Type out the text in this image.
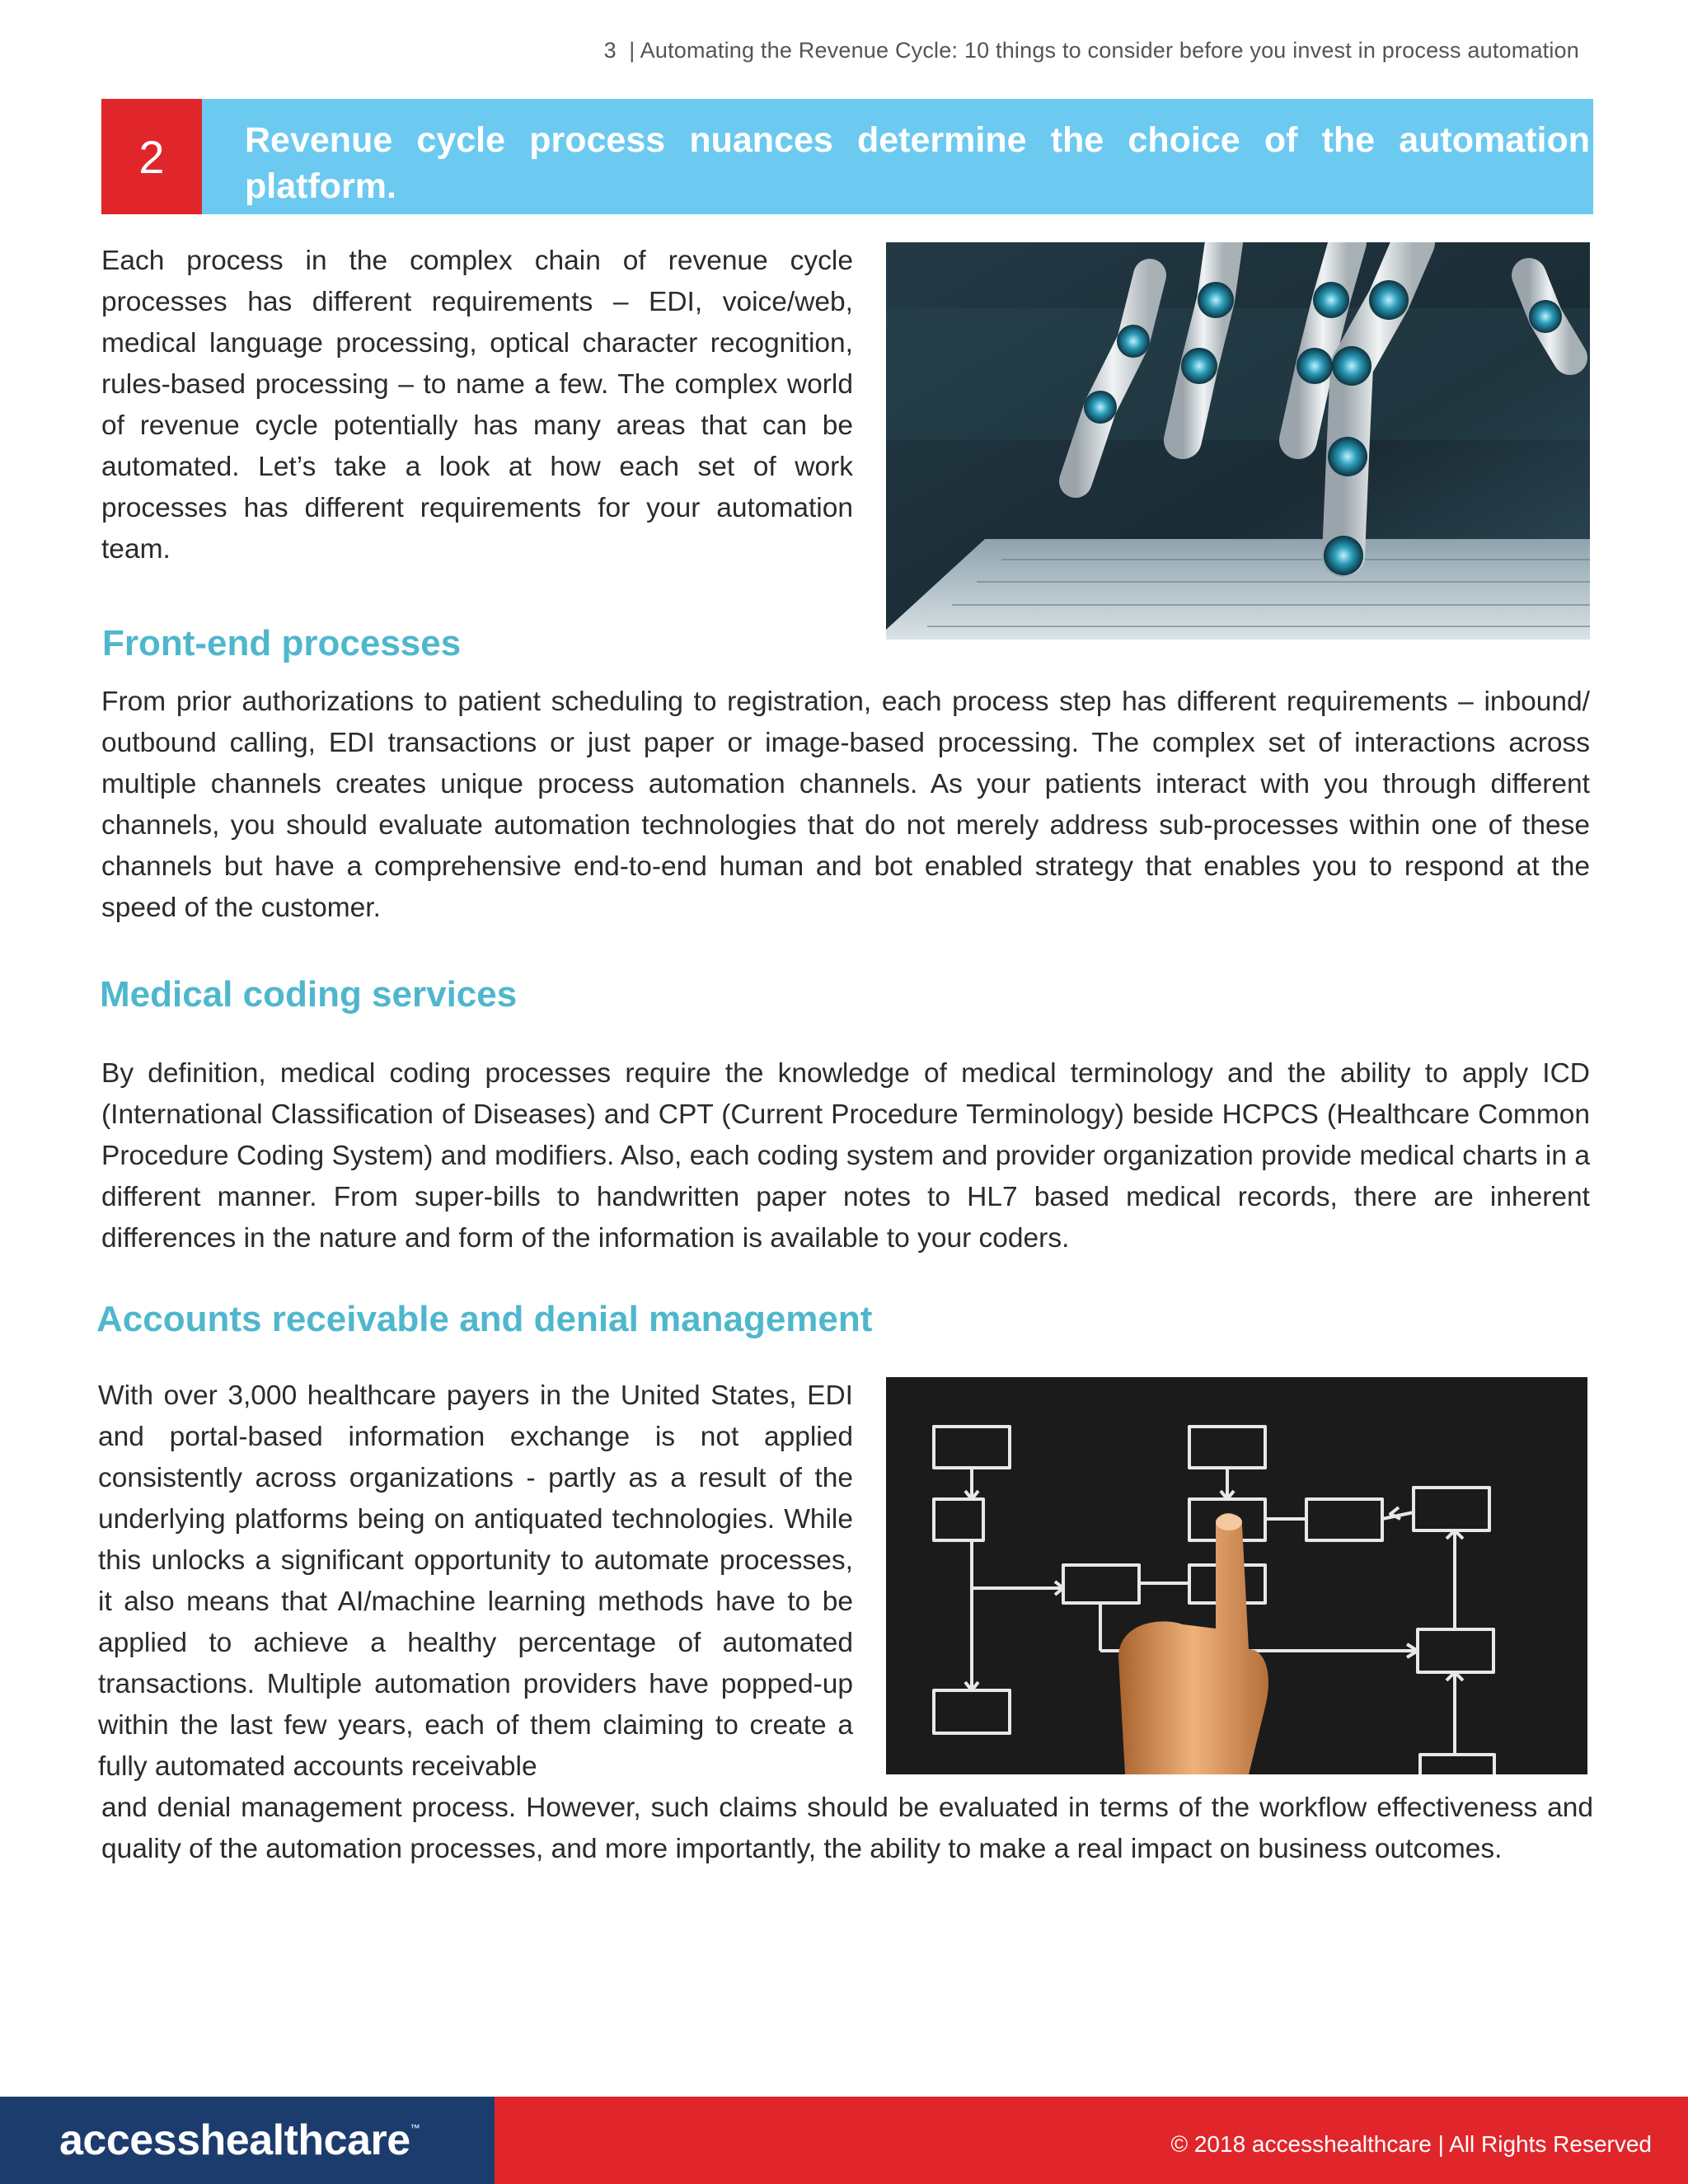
3 | Automating the Revenue Cycle: 10 things to consider before you invest in process automation
2	Revenue cycle process nuances determine the choice of the automation platform.

Each process in the complex chain of revenue cycle processes has different requirements – EDI, voice/web, medical language processing, optical character recognition, rules-based processing – to name a few. The complex world of revenue cycle potentially has many areas that can be automated. Let’s take a look at how each set of work processes has different requirements for your automation team.

Front-end processes

From prior authorizations to patient scheduling to registration, each process step has different requirements – inbound/ outbound calling, EDI transactions or just paper or image-based processing. The complex set of interactions across multiple channels creates unique process automation channels. As your patients interact with you through different channels, you should evaluate automation technologies that do not merely address sub-processes within one of these channels but have a comprehensive end-to-end human and bot enabled strategy that enables you to respond at the speed of the customer.

Medical coding services

By definition, medical coding processes require the knowledge of medical terminology and the ability to apply ICD (International Classification of Diseases) and CPT (Current Procedure Terminology) beside HCPCS (Healthcare Common Procedure Coding System) and modifiers. Also, each coding system and provider organization provide medical charts in a different manner. From super-bills to handwritten paper notes to HL7 based medical records, there are inherent differences in the nature and form of the information is available to your coders.

Accounts receivable and denial management

With over 3,000 healthcare payers in the United States, EDI and portal-based information exchange is not applied consistently across organizations - partly as a result of the underlying platforms being on antiquated technologies. While this unlocks a significant opportunity to automate processes, it also means that AI/machine learning methods have to be applied to achieve a healthy percentage of automated transactions. Multiple automation providers have popped-up within the last few years, each of them claiming to create a fully automated accounts receivable

and denial management process. However, such claims should be evaluated in terms of the workflow effectiveness and quality of the automation processes, and more importantly, the ability to make a real impact on business outcomes.

accesshealthcare™
© 2018 accesshealthcare | All Rights Reserved
